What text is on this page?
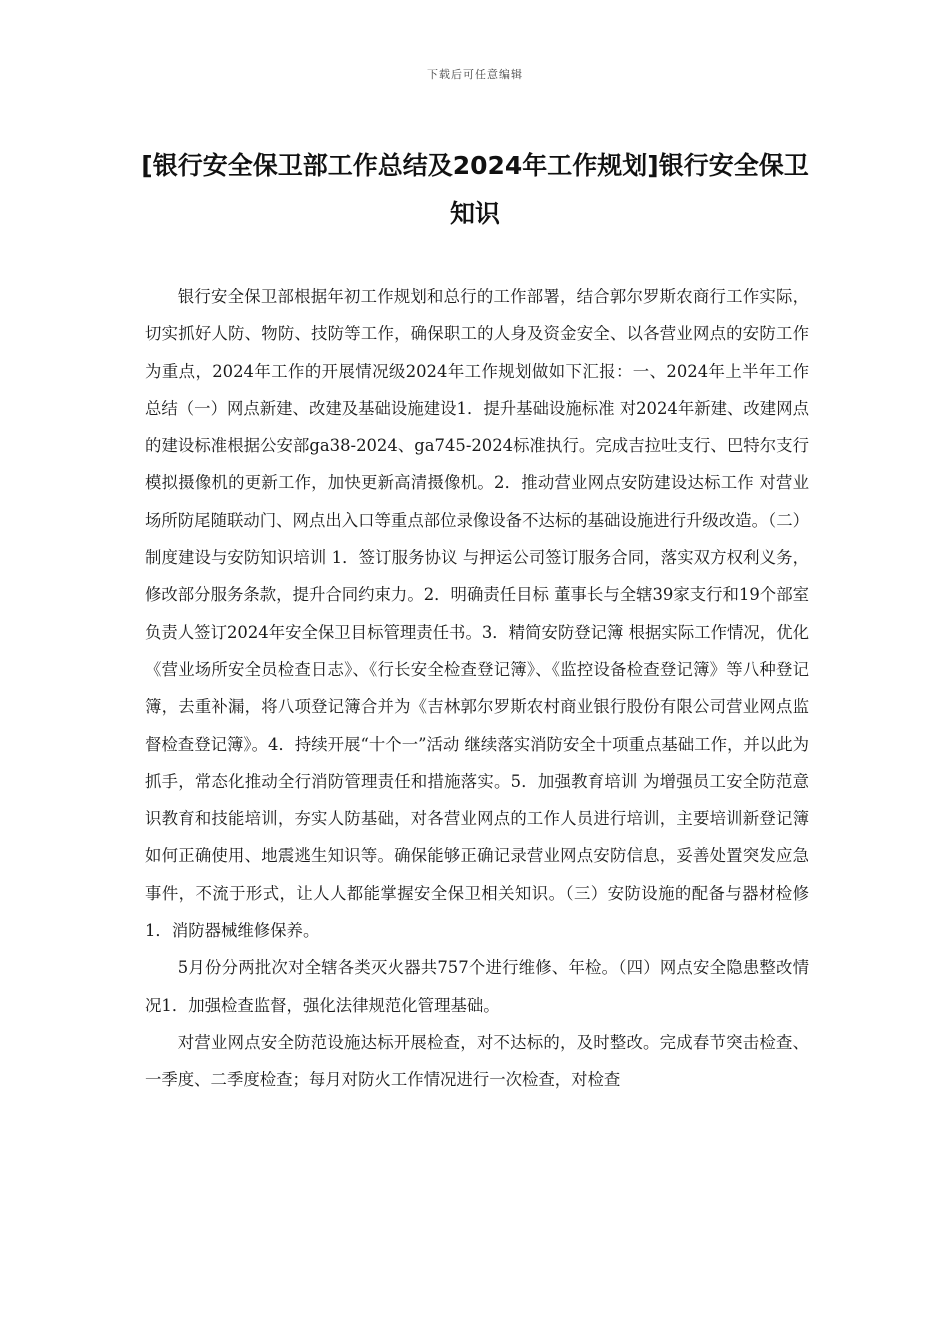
下载后可任意编辑
[银行安全保卫部工作总结及2024年工作规划]银行安全保卫知识

银行安全保卫部根据年初工作规划和总行的工作部署，结合郭尔罗斯农商行工作实际，切实抓好人防、物防、技防等工作，确保职工的人身及资金安全、以各营业网点的安防工作为重点，2024年工作的开展情况级2024年工作规划做如下汇报：一、2024年上半年工作总结（一）网点新建、改建及基础设施建设1．提升基础设施标准 对2024年新建、改建网点的建设标准根据公安部ga38-2024、ga745-2024标准执行。完成吉拉吐支行、巴特尔支行模拟摄像机的更新工作，加快更新高清摄像机。2．推动营业网点安防建设达标工作 对营业场所防尾随联动门、网点出入口等重点部位录像设备不达标的基础设施进行升级改造。（二）制度建设与安防知识培训 1．签订服务协议 与押运公司签订服务合同，落实双方权利义务，修改部分服务条款，提升合同约束力。2．明确责任目标 董事长与全辖39家支行和19个部室负责人签订2024年安全保卫目标管理责任书。3．精简安防登记簿 根据实际工作情况，优化《营业场所安全员检查日志》、《行长安全检查登记簿》、《监控设备检查登记簿》等八种登记簿，去重补漏，将八项登记簿合并为《吉林郭尔罗斯农村商业银行股份有限公司营业网点监督检查登记簿》。4．持续开展“十个一”活动 继续落实消防安全十项重点基础工作，并以此为抓手，常态化推动全行消防管理责任和措施落实。5．加强教育培训 为增强员工安全防范意识教育和技能培训，夯实人防基础，对各营业网点的工作人员进行培训，主要培训新登记簿如何正确使用、地震逃生知识等。确保能够正确记录营业网点安防信息，妥善处置突发应急事件，不流于形式，让人人都能掌握安全保卫相关知识。（三）安防设施的配备与器材检修1．消防器械维修保养。

5月份分两批次对全辖各类灭火器共757个进行维修、年检。（四）网点安全隐患整改情况1．加强检查监督，强化法律规范化管理基础。

对营业网点安全防范设施达标开展检查，对不达标的，及时整改。完成春节突击检查、一季度、二季度检查；每月对防火工作情况进行一次检查，对检查
